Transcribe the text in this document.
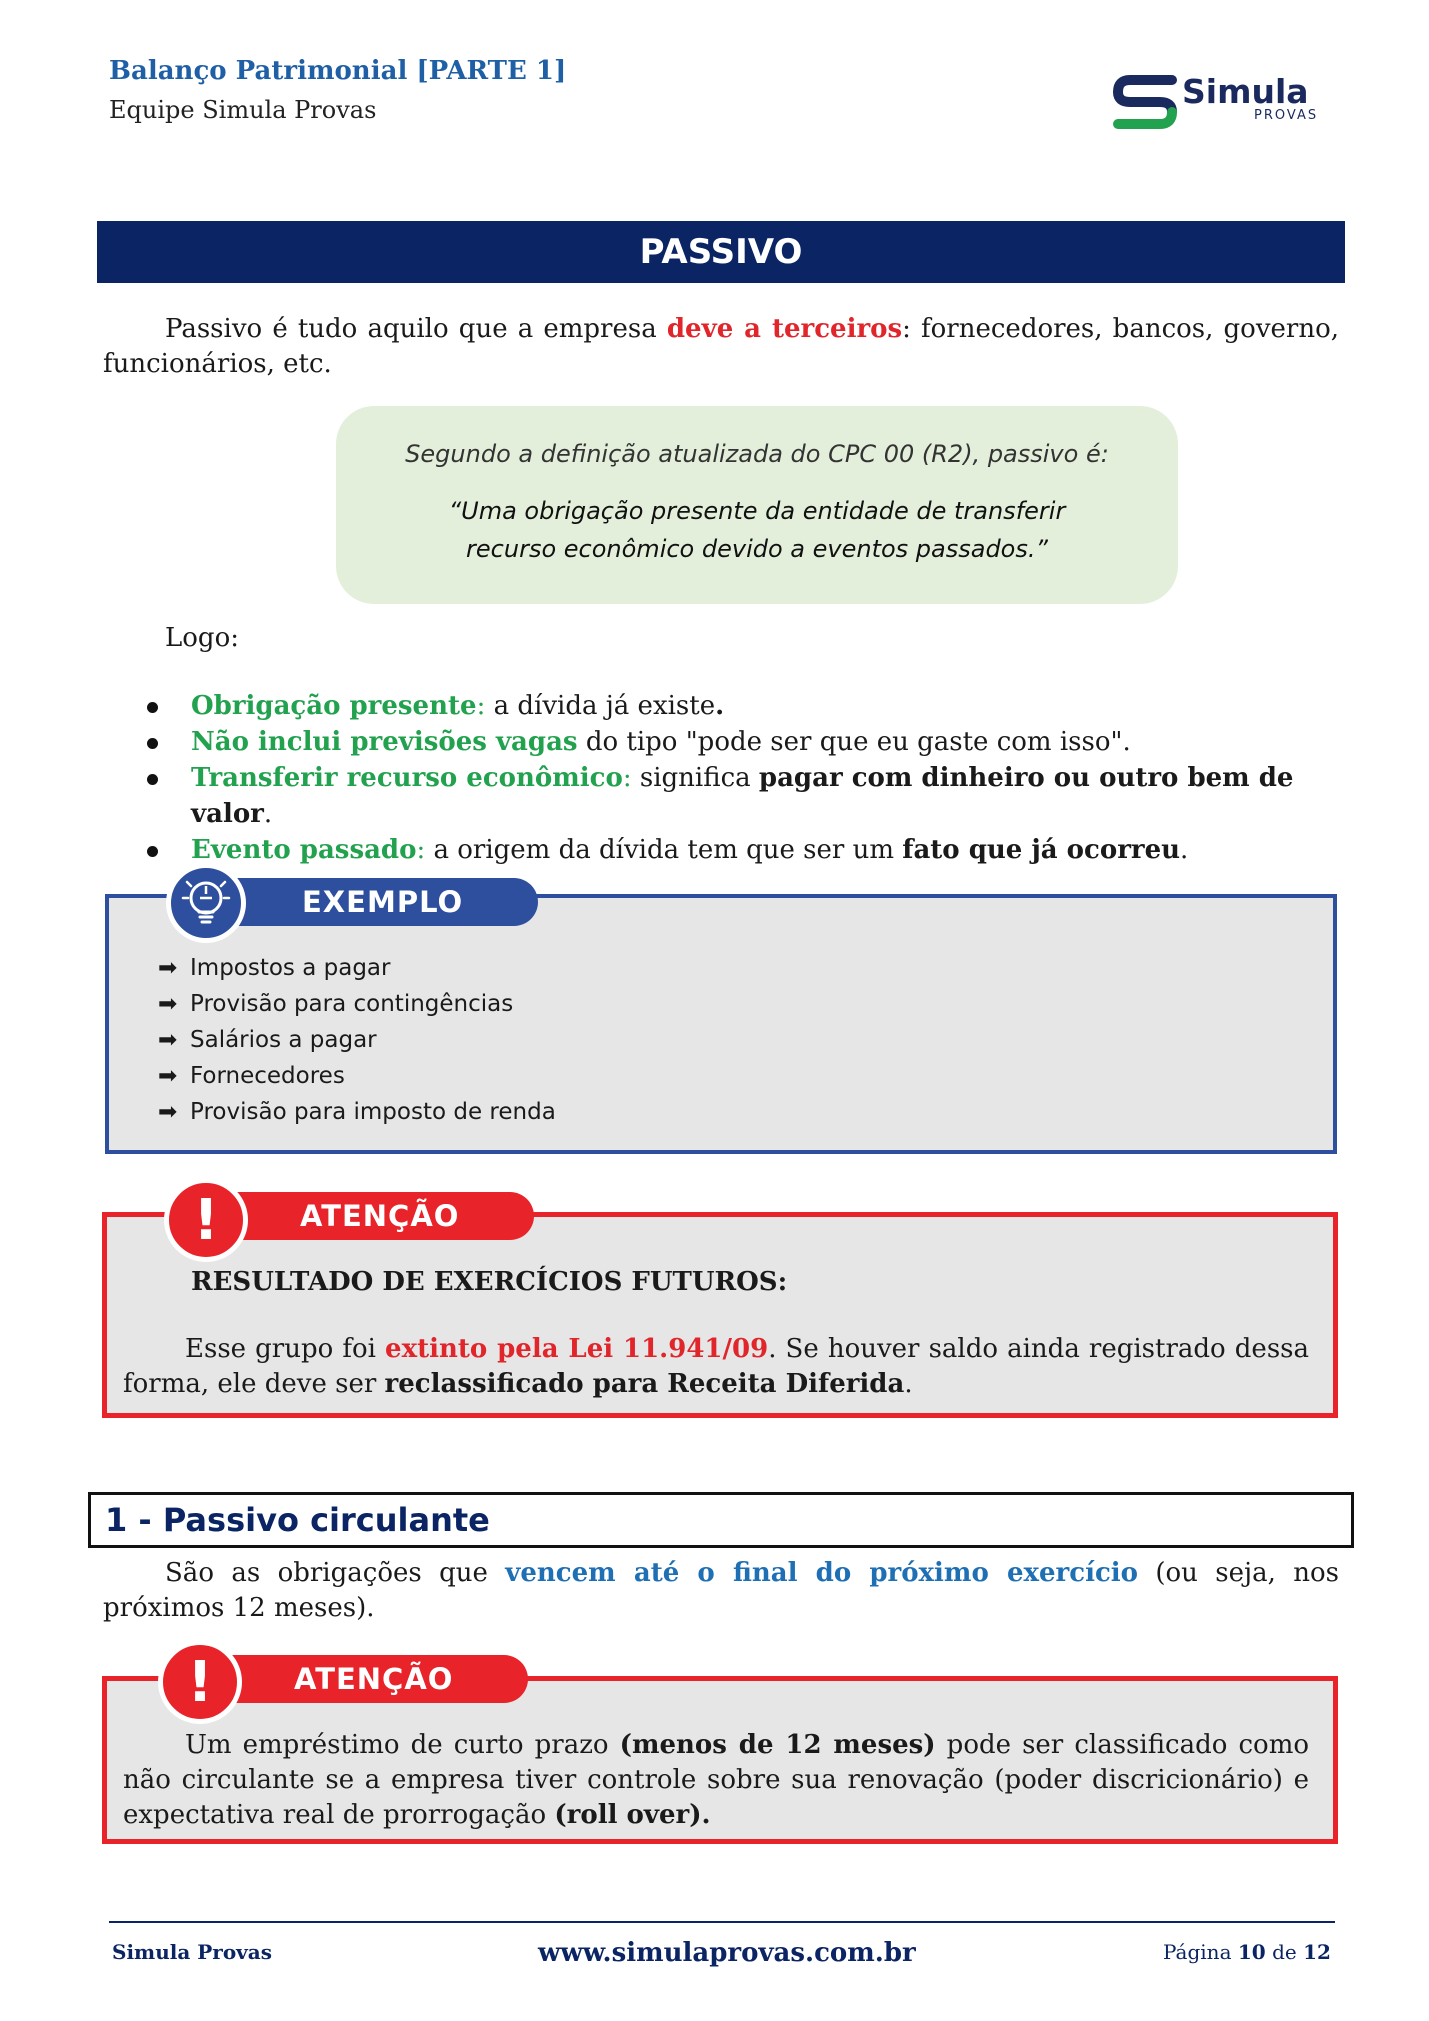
Balanço Patrimonial [PARTE 1]
Equipe Simula Provas	Simula
PROVAS
PASSIVO
Passivo é tudo aquilo que a empresa deve a terceiros: fornecedores, bancos, governo, funcionários, etc.
Segundo a definição atualizada do CPC 00 (R2), passivo é:
“Uma obrigação presente da entidade de transferir recurso econômico devido a eventos passados.”
Logo:
Obrigação presente: a dívida já existe.
Não inclui previsões vagas do tipo "pode ser que eu gaste com isso".
Transferir recurso econômico: significa pagar com dinheiro ou outro bem de valor.
Evento passado: a origem da dívida tem que ser um fato que já ocorreu.
EXEMPLO
➡ Impostos a pagar
➡ Provisão para contingências
➡ Salários a pagar
➡ Fornecedores
➡ Provisão para imposto de renda
ATENÇÃO
!
RESULTADO DE EXERCÍCIOS FUTUROS:
Esse grupo foi extinto pela Lei 11.941/09. Se houver saldo ainda registrado dessa forma, ele deve ser reclassificado para Receita Diferida.
1 - Passivo circulante
São as obrigações que vencem até o final do próximo exercício (ou seja, nos próximos 12 meses).
ATENÇÃO
!
Um empréstimo de curto prazo (menos de 12 meses) pode ser classificado como não circulante se a empresa tiver controle sobre sua renovação (poder discricionário) e expectativa real de prorrogação (roll over).
Simula Provas	www.simulaprovas.com.br	Página 10 de 12
